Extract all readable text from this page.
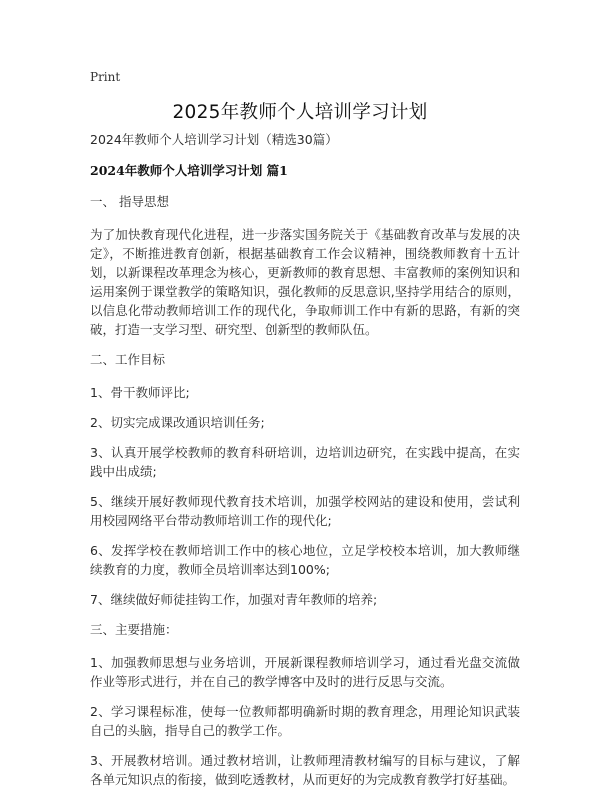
Print
2025年教师个人培训学习计划

2024年教师个人培训学习计划（精选30篇）

2024年教师个人培训学习计划 篇1

一、 指导思想

为了加快教育现代化进程，进一步落实国务院关于《基础教育改革与发展的决定》，不断推进教育创新，根据基础教育工作会议精神，围绕教师教育十五计划，以新课程改革理念为核心，更新教师的教育思想、丰富教师的案例知识和运用案例于课堂教学的策略知识，强化教师的反思意识,坚持学用结合的原则，以信息化带动教师培训工作的现代化，争取师训工作中有新的思路，有新的突破，打造一支学习型、研究型、创新型的教师队伍。

二、工作目标

1、骨干教师评比;

2、切实完成课改通识培训任务;

3、认真开展学校教师的教育科研培训，边培训边研究，在实践中提高，在实践中出成绩;

5、继续开展好教师现代教育技术培训，加强学校网站的建设和使用，尝试利用校园网络平台带动教师培训工作的现代化;

6、发挥学校在教师培训工作中的核心地位，立足学校校本培训，加大教师继续教育的力度，教师全员培训率达到100%;

7、继续做好师徒挂钩工作，加强对青年教师的培养;

三、主要措施：

1、加强教师思想与业务培训，开展新课程教师培训学习，通过看光盘交流做作业等形式进行，并在自己的教学博客中及时的进行反思与交流。

2、学习课程标准，使每一位教师都明确新时期的教育理念，用理论知识武装自己的头脑，指导自己的教学工作。

3、开展教材培训。通过教材培训，让教师理清教材编写的目标与建议，了解各单元知识点的衔接，做到吃透教材，从而更好的为完成教育教学打好基础。
